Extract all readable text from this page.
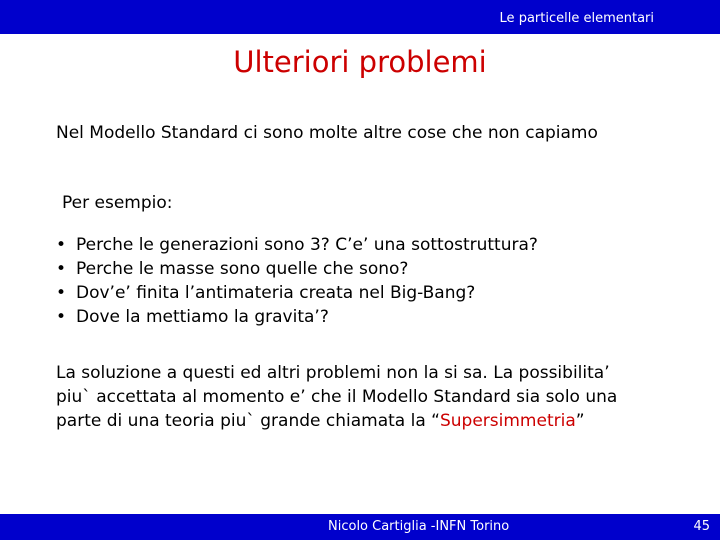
Le particelle elementari
Ulteriori problemi
Nel Modello Standard ci sono molte altre cose che non capiamo
Per esempio:
• Perche le generazioni sono 3? C’e’ una sottostruttura?
• Perche le masse sono quelle che sono?
• Dov’e’ finita l’antimateria creata nel Big-Bang?
• Dove la mettiamo la gravita’?
La soluzione a questi ed altri problemi non la si sa. La possibilita’ piu` accettata al momento e’ che il Modello Standard sia solo una parte di una teoria piu` grande chiamata la “Supersimmetria”
Nicolo Cartiglia -INFN Torino	45
